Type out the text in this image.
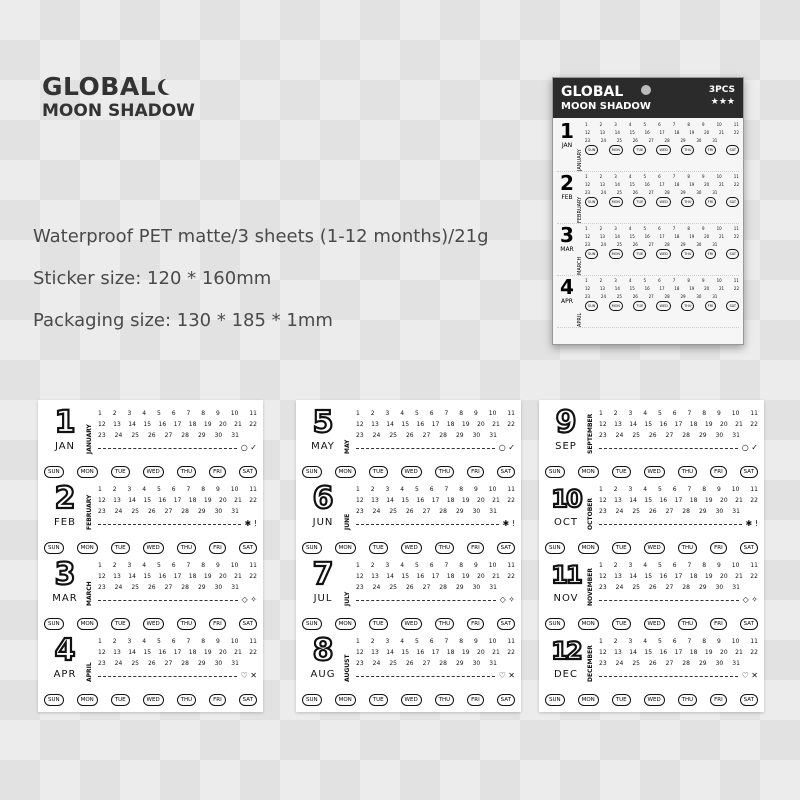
GLOBAL
MOON SHADOW
Waterproof PET matte/3 sheets (1-12 months)/21g
Sticker size: 120 * 160mm
Packaging size: 130 * 185 * 1mm
GLOBAL
MOON SHADOW
3PCS
★★★
1
JAN
JANUARY
1	2	3	4	5	6	7	8	9	10	11
12 13 14 15 16 17 18 19 20 21 22
23	24	25	26	27	28	29	30	31
SUN	MON	TUE	WED	THU	FRI	SAT
2
FEB FEBRUARY
1	2	3	4	5	6	7	8	9	10	11
12 13 14 15 16 17 18 19 20 21 22
23	24	25	26	27	28	29	30	31
SUN	MON	TUE	WED	THU	FRI	SAT
3
MAR
MARCH
1	2	3	4	5	6	7	8	9	10	11
12 13 14 15 16 17 18 19 20 21 22
23	24	25	26	27	28	29	30	31
SUN	MON	TUE	WED	THU	FRI	SAT
4
APR
APRIL
1	2	3	4	5	6	7	8	9	10	11
12 13 14 15 16 17 18 19 20 21 22
23	24	25	26	27	28	29	30	31
SUN	MON	TUE	WED	THU	FRI	SAT
1
JAN	JANUARY
1 2 3 4 5 6 7 8 9 10 11
12 13 14 15 16 17 18 19 20 21 22
23 24 25 26 27 28 29 30 31
○ ✓
SUN	MON	TUE	WED	THU	FRI	SAT
2
FEB	FEBRUARY
1 2 3 4 5 6 7 8 9 10 11
12 13 14 15 16 17 18 19 20 21 22
23 24 25 26 27 28 29 30 31
✱ !
SUN	MON	TUE	WED	THU	FRI	SAT
3
MAR	MARCH
1 2 3 4 5 6 7 8 9 10 11
12 13 14 15 16 17 18 19 20 21 22
23 24 25 26 27 28 29 30 31
◇ ✧
SUN	MON	TUE	WED	THU	FRI	SAT
4
APR	APRIL
1 2 3 4 5 6 7 8 9 10 11
12 13 14 15 16 17 18 19 20 21 22
23 24 25 26 27 28 29 30 31
♡ ✕
SUN	MON	TUE	WED	THU	FRI	SAT
5
MAY	MAY
1 2 3 4 5 6 7 8 9 10 11
12 13 14 15 16 17 18 19 20 21 22
23 24 25 26 27 28 29 30 31
○ ✓
SUN	MON	TUE	WED	THU	FRI	SAT
6
JUN	JUNE
1 2 3 4 5 6 7 8 9 10 11
12 13 14 15 16 17 18 19 20 21 22
23 24 25 26 27 28 29 30 31
✱ !
SUN	MON	TUE	WED	THU	FRI	SAT
7
JUL	JULY
1 2 3 4 5 6 7 8 9 10 11
12 13 14 15 16 17 18 19 20 21 22
23 24 25 26 27 28 29 30 31
◇ ✧
SUN	MON	TUE	WED	THU	FRI	SAT
8
AUG	AUGUST
1 2 3 4 5 6 7 8 9 10 11
12 13 14 15 16 17 18 19 20 21 22
23 24 25 26 27 28 29 30 31
♡ ✕
SUN	MON	TUE	WED	THU	FRI	SAT
9
SEP	SEPTEMBER
1 2 3 4 5 6 7 8 9 10 11
12 13 14 15 16 17 18 19 20 21 22
23 24 25 26 27 28 29 30 31
○ ✓
SUN	MON	TUE	WED	THU	FRI	SAT
10
OCT	OCTOBER
1 2 3 4 5 6 7 8 9 10 11
12 13 14 15 16 17 18 19 20 21 22
23 24 25 26 27 28 29 30 31
✱ !
SUN	MON	TUE	WED	THU	FRI	SAT
11
NOV	NOVEMBER
1 2 3 4 5 6 7 8 9 10 11
12 13 14 15 16 17 18 19 20 21 22
23 24 25 26 27 28 29 30 31
◇ ✧
SUN	MON	TUE	WED	THU	FRI	SAT
12
DEC	DECEMBER
1 2 3 4 5 6 7 8 9 10 11
12 13 14 15 16 17 18 19 20 21 22
23 24 25 26 27 28 29 30 31
♡ ✕
SUN	MON	TUE	WED	THU	FRI	SAT
